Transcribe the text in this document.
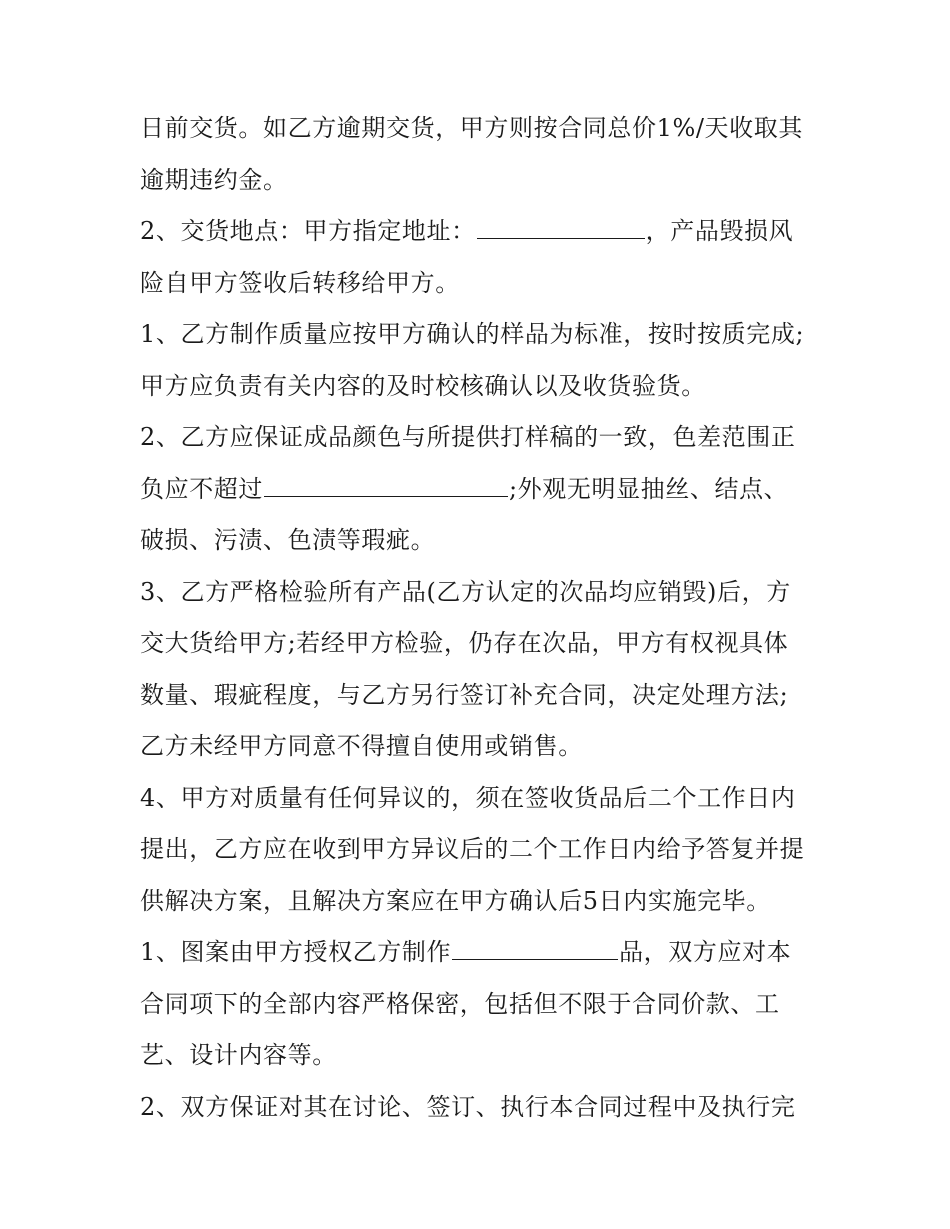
日前交货。如乙方逾期交货，甲方则按合同总价1%/天收取其
逾期违约金。
2、交货地点：甲方指定地址：	，产品毁损风
险自甲方签收后转移给甲方。
1、乙方制作质量应按甲方确认的样品为标准，按时按质完成;
甲方应负责有关内容的及时校核确认以及收货验货。
2、乙方应保证成品颜色与所提供打样稿的一致，色差范围正
负应不超过	;外观无明显抽丝、结点、
破损、污渍、色渍等瑕疵。
3、乙方严格检验所有产品(乙方认定的次品均应销毁)后，方
交大货给甲方;若经甲方检验，仍存在次品，甲方有权视具体
数量、瑕疵程度，与乙方另行签订补充合同，决定处理方法;
乙方未经甲方同意不得擅自使用或销售。
4、甲方对质量有任何异议的，须在签收货品后二个工作日内
提出，乙方应在收到甲方异议后的二个工作日内给予答复并提
供解决方案，且解决方案应在甲方确认后5日内实施完毕。
1、图案由甲方授权乙方制作	品，双方应对本
合同项下的全部内容严格保密，包括但不限于合同价款、工
艺、设计内容等。
2、双方保证对其在讨论、签订、执行本合同过程中及执行完
